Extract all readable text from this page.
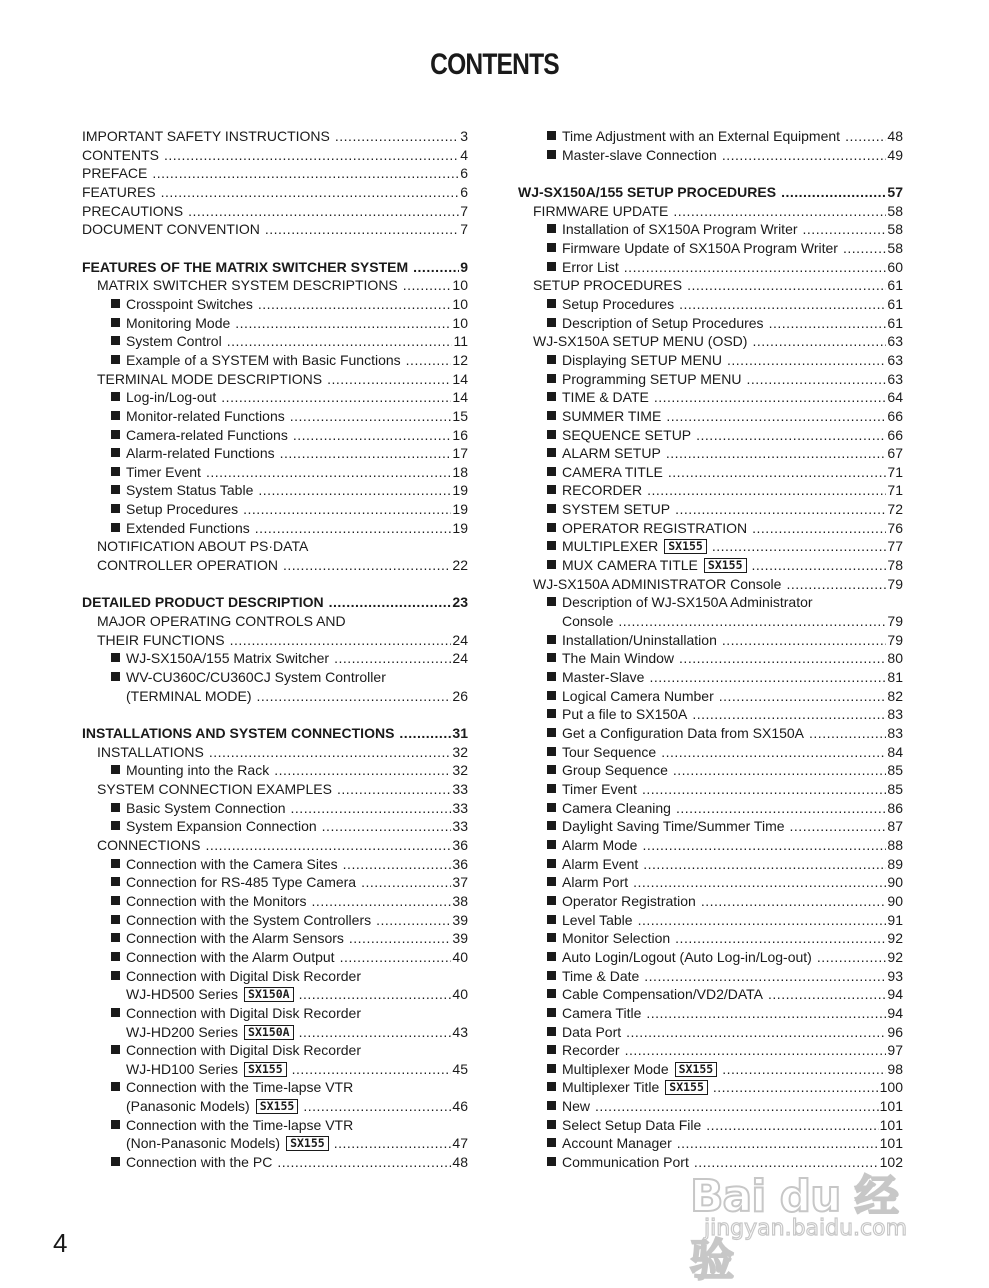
CONTENTS
IMPORTANT SAFETY INSTRUCTIONS .....	3
CONTENTS .....	4
PREFACE .....	6
FEATURES .....	6
PRECAUTIONS .....	7
DOCUMENT CONVENTION .....	7
FEATURES OF THE MATRIX SWITCHER SYSTEM .....	9
MATRIX SWITCHER SYSTEM DESCRIPTIONS .....	10
Crosspoint Switches .....	10
Monitoring Mode .....	10
System Control .....	11
Example of a SYSTEM with Basic Functions .....	12
TERMINAL MODE DESCRIPTIONS .....	14
Log-in/Log-out .....	14
Monitor-related Functions .....	15
Camera-related Functions .....	16
Alarm-related Functions .....	17
Timer Event .....	18
System Status Table .....	19
Setup Procedures .....	19
Extended Functions .....	19
NOTIFICATION ABOUT PS·DATA
CONTROLLER OPERATION .....	22
DETAILED PRODUCT DESCRIPTION .....	23
MAJOR OPERATING CONTROLS AND
THEIR FUNCTIONS .....	24
WJ-SX150A/155 Matrix Switcher .....	24
WV-CU360C/CU360CJ System Controller
(TERMINAL MODE) .....	26
INSTALLATIONS AND SYSTEM CONNECTIONS .....	31
INSTALLATIONS .....	32
Mounting into the Rack .....	32
SYSTEM CONNECTION EXAMPLES .....	33
Basic System Connection .....	33
System Expansion Connection .....	33
CONNECTIONS .....	36
Connection with the Camera Sites .....	36
Connection for RS-485 Type Camera .....	37
Connection with the Monitors .....	38
Connection with the System Controllers .....	39
Connection with the Alarm Sensors .....	39
Connection with the Alarm Output .....	40
Connection with Digital Disk Recorder
WJ-HD500 Series SX150A .....	40
Connection with Digital Disk Recorder
WJ-HD200 Series SX150A .....	43
Connection with Digital Disk Recorder
WJ-HD100 Series SX155 .....	45
Connection with the Time-lapse VTR
(Panasonic Models) SX155 .....	46
Connection with the Time-lapse VTR
(Non-Panasonic Models) SX155 .....	47
Connection with the PC .....	48
Time Adjustment with an External Equipment .....	48
Master-slave Connection .....	49
WJ-SX150A/155 SETUP PROCEDURES .....	57
FIRMWARE UPDATE .....	58
Installation of SX150A Program Writer .....	58
Firmware Update of SX150A Program Writer .....	58
Error List .....	60
SETUP PROCEDURES .....	61
Setup Procedures .....	61
Description of Setup Procedures .....	61
WJ-SX150A SETUP MENU (OSD) .....	63
Displaying SETUP MENU .....	63
Programming SETUP MENU .....	63
TIME & DATE .....	64
SUMMER TIME .....	66
SEQUENCE SETUP .....	66
ALARM SETUP .....	67
CAMERA TITLE .....	71
RECORDER .....	71
SYSTEM SETUP .....	72
OPERATOR REGISTRATION .....	76
MULTIPLEXER SX155 .....	77
MUX CAMERA TITLE SX155 .....	78
WJ-SX150A ADMINISTRATOR Console .....	79
Description of WJ-SX150A Administrator
Console .....	79
Installation/Uninstallation .....	79
The Main Window .....	80
Master-Slave .....	81
Logical Camera Number .....	82
Put a file to SX150A .....	83
Get a Configuration Data from SX150A .....	83
Tour Sequence .....	84
Group Sequence .....	85
Timer Event .....	85
Camera Cleaning .....	86
Daylight Saving Time/Summer Time .....	87
Alarm Mode .....	88
Alarm Event .....	89
Alarm Port .....	90
Operator Registration .....	90
Level Table .....	91
Monitor Selection .....	92
Auto Login/Logout (Auto Log-in/Log-out) .....	92
Time & Date .....	93
Cable Compensation/VD2/DATA .....	94
Camera Title .....	94
Data Port .....	96
Recorder .....	97
Multiplexer Mode SX155 .....	98
Multiplexer Title SX155 .....	100
New .....	101
Select Setup Data File .....	101
Account Manager .....	101
Communication Port .....	102
4
Bai du 经验
jingyan.baidu.com
